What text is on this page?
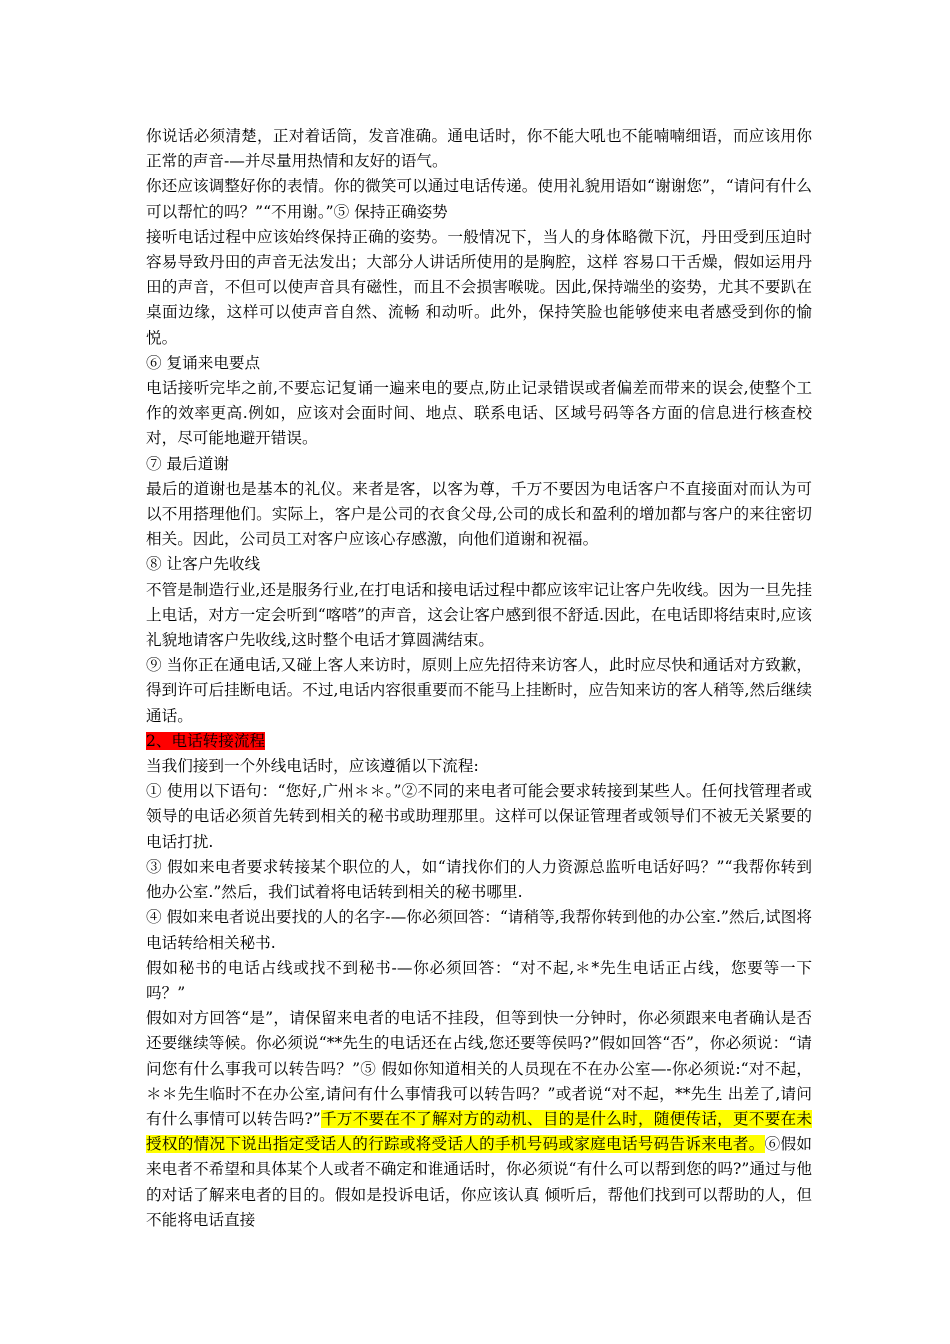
你说话必须清楚，正对着话筒，发音准确。通电话时，你不能大吼也不能喃喃细语，而应该用你正常的声音-—并尽量用热情和友好的语气。

你还应该调整好你的表情。你的微笑可以通过电话传递。使用礼貌用语如“谢谢您”，“请问有什么可以帮忙的吗？”“不用谢。”⑤ 保持正确姿势

接听电话过程中应该始终保持正确的姿势。一般情况下，当人的身体略微下沉，丹田受到压迫时容易导致丹田的声音无法发出；大部分人讲话所使用的是胸腔，这样 容易口干舌燥，假如运用丹田的声音，不但可以使声音具有磁性，而且不会损害喉咙。因此,保持端坐的姿势，尤其不要趴在桌面边缘，这样可以使声音自然、流畅 和动听。此外，保持笑脸也能够使来电者感受到你的愉悦。

⑥ 复诵来电要点

电话接听完毕之前,不要忘记复诵一遍来电的要点,防止记录错误或者偏差而带来的误会,使整个工作的效率更高.例如，应该对会面时间、地点、联系电话、区域号码等各方面的信息进行核查校对，尽可能地避开错误。

⑦ 最后道谢

最后的道谢也是基本的礼仪。来者是客，以客为尊，千万不要因为电话客户不直接面对而认为可以不用搭理他们。实际上，客户是公司的衣食父母,公司的成长和盈利的增加都与客户的来往密切相关。因此，公司员工对客户应该心存感激，向他们道谢和祝福。

⑧ 让客户先收线

不管是制造行业,还是服务行业,在打电话和接电话过程中都应该牢记让客户先收线。因为一旦先挂上电话，对方一定会听到“喀嗒”的声音，这会让客户感到很不舒适.因此，在电话即将结束时,应该礼貌地请客户先收线,这时整个电话才算圆满结束。

⑨ 当你正在通电话,又碰上客人来访时，原则上应先招待来访客人，此时应尽快和通话对方致歉，得到许可后挂断电话。不过,电话内容很重要而不能马上挂断时，应告知来访的客人稍等,然后继续通话。

2、电话转接流程

当我们接到一个外线电话时，应该遵循以下流程:

① 使用以下语句：“您好,广州＊＊。”②不同的来电者可能会要求转接到某些人。任何找管理者或领导的电话必须首先转到相关的秘书或助理那里。这样可以保证管理者或领导们不被无关紧要的电话打扰.

③ 假如来电者要求转接某个职位的人，如“请找你们的人力资源总监听电话好吗？”“我帮你转到他办公室.”然后，我们试着将电话转到相关的秘书哪里.

④ 假如来电者说出要找的人的名字-—你必须回答：“请稍等,我帮你转到他的办公室.”然后,试图将电话转给相关秘书.

假如秘书的电话占线或找不到秘书-—你必须回答：“对不起,＊*先生电话正占线，您要等一下吗？”

假如对方回答“是”，请保留来电者的电话不挂段，但等到快一分钟时，你必须跟来电者确认是否还要继续等候。你必须说“**先生的电话还在占线,您还要等侯吗?”假如回答“否”，你必须说：“请问您有什么事我可以转告吗？”⑤ 假如你知道相关的人员现在不在办公室—-你必须说:“对不起，＊＊先生临时不在办公室,请问有什么事情我可以转告吗？”或者说“对不起，**先生 出差了,请问有什么事情可以转告吗?”千万不要在不了解对方的动机、目的是什么时，随便传话，更不要在未授权的情况下说出指定受话人的行踪或将受话人的手机号码或家庭电话号码告诉来电者。⑥假如来电者不希望和具体某个人或者不确定和谁通话时，你必须说“有什么可以帮到您的吗?”通过与他的对话了解来电者的目的。假如是投诉电话，你应该认真 倾听后，帮他们找到可以帮助的人，但不能将电话直接
